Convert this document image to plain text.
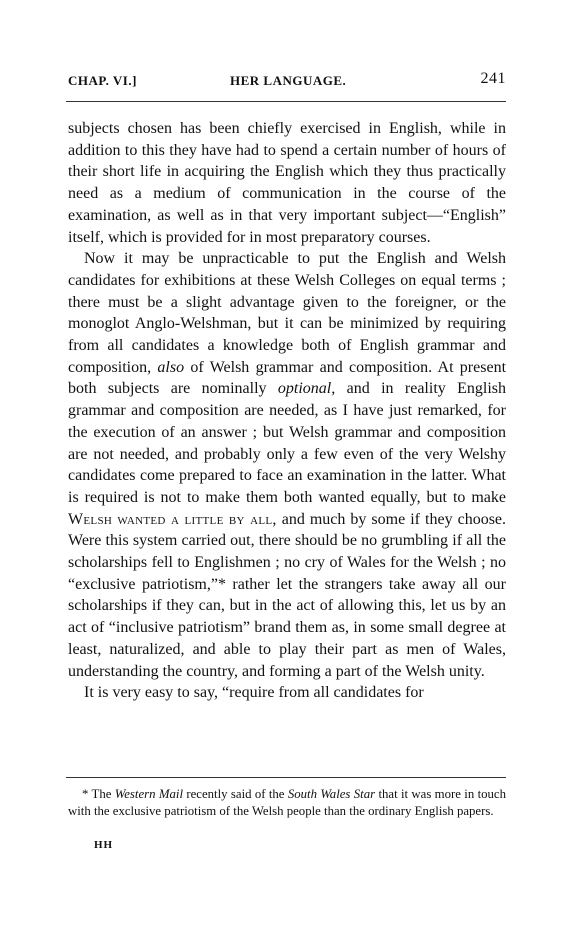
CHAP. VI.]	HER LANGUAGE.	241

subjects chosen has been chiefly exercised in English, while in addition to this they have had to spend a certain number of hours of their short life in acquiring the English which they thus practically need as a medium of communication in the course of the examination, as well as in that very important subject—“English” itself, which is provided for in most preparatory courses.

Now it may be unpracticable to put the English and Welsh candidates for exhibitions at these Welsh Colleges on equal terms ; there must be a slight advantage given to the foreigner, or the monoglot Anglo-Welshman, but it can be minimized by requiring from all candidates a knowledge both of English grammar and composition, also of Welsh grammar and composition. At present both subjects are nominally optional, and in reality English grammar and composition are needed, as I have just remarked, for the execution of an answer ; but Welsh grammar and composition are not needed, and probably only a few even of the very Welshy candidates come prepared to face an examination in the latter. What is required is not to make them both wanted equally, but to make Welsh wanted a little by all, and much by some if they choose. Were this system carried out, there should be no grumbling if all the scholarships fell to Englishmen ; no cry of Wales for the Welsh ; no “exclusive patriotism,”* rather let the strangers take away all our scholarships if they can, but in the act of allowing this, let us by an act of “inclusive patriotism” brand them as, in some small degree at least, naturalized, and able to play their part as men of Wales, understanding the country, and forming a part of the Welsh unity.

It is very easy to say, “require from all candidates for

* The Western Mail recently said of the South Wales Star that it was more in touch with the exclusive patriotism of the Welsh people than the ordinary English papers.

HH
